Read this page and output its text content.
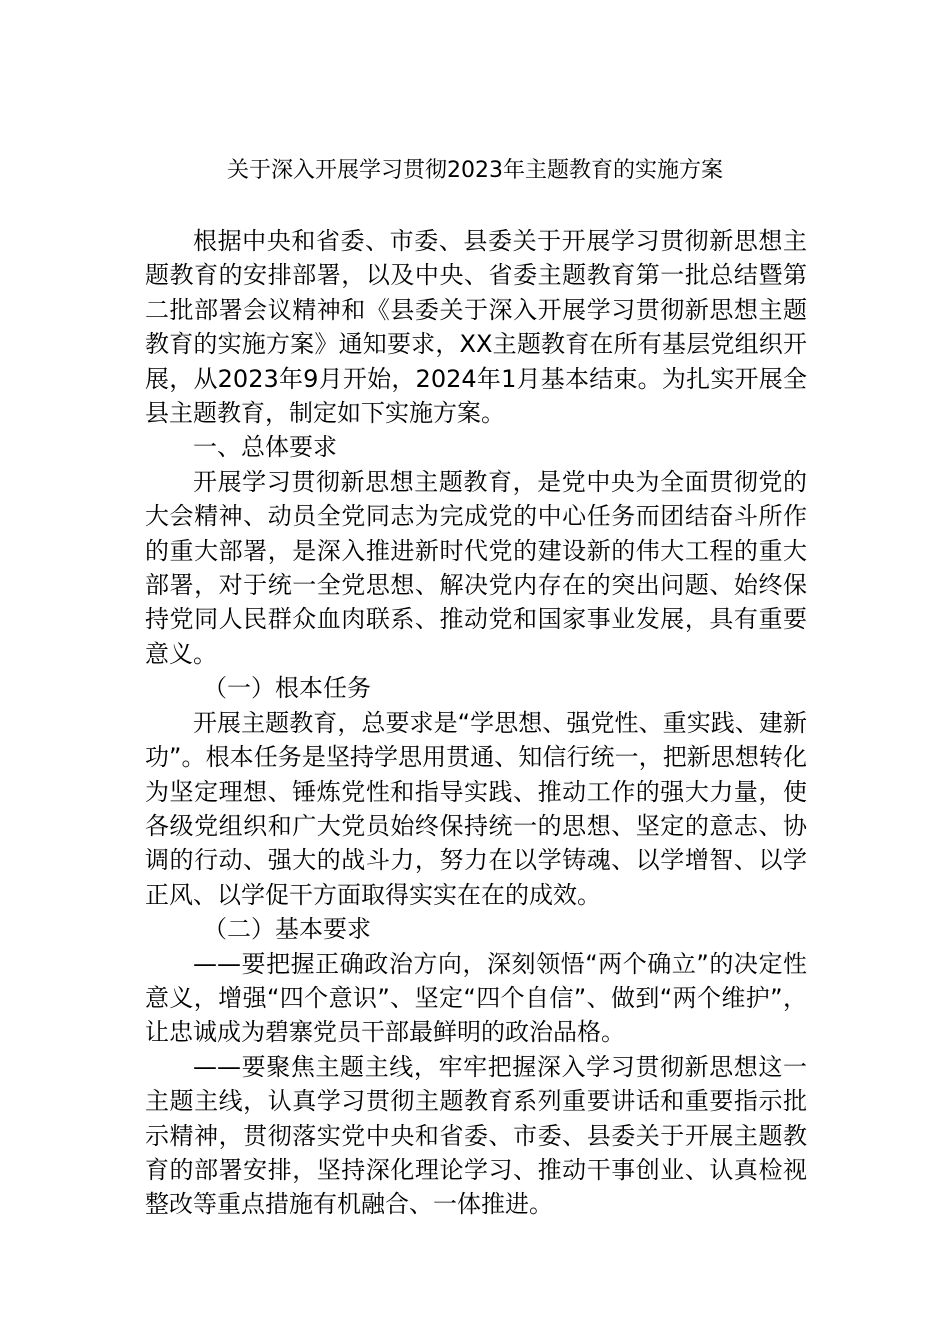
关于深入开展学习贯彻2023年主题教育的实施方案

根据中央和省委、市委、县委关于开展学习贯彻新思想主题教育的安排部署，以及中央、省委主题教育第一批总结暨第二批部署会议精神和《县委关于深入开展学习贯彻新思想主题教育的实施方案》通知要求，XX主题教育在所有基层党组织开展，从2023年9月开始，2024年1月基本结束。为扎实开展全县主题教育，制定如下实施方案。

一、总体要求

开展学习贯彻新思想主题教育，是党中央为全面贯彻党的大会精神、动员全党同志为完成党的中心任务而团结奋斗所作的重大部署，是深入推进新时代党的建设新的伟大工程的重大部署，对于统一全党思想、解决党内存在的突出问题、始终保持党同人民群众血肉联系、推动党和国家事业发展，具有重要意义。

（一）根本任务

开展主题教育，总要求是“学思想、强党性、重实践、建新功”。根本任务是坚持学思用贯通、知信行统一，把新思想转化为坚定理想、锤炼党性和指导实践、推动工作的强大力量，使各级党组织和广大党员始终保持统一的思想、坚定的意志、协调的行动、强大的战斗力，努力在以学铸魂、以学增智、以学正风、以学促干方面取得实实在在的成效。

（二）基本要求

——要把握正确政治方向，深刻领悟“两个确立”的决定性意义，增强“四个意识”、坚定“四个自信”、做到“两个维护”，让忠诚成为碧寨党员干部最鲜明的政治品格。

——要聚焦主题主线，牢牢把握深入学习贯彻新思想这一主题主线，认真学习贯彻主题教育系列重要讲话和重要指示批示精神，贯彻落实党中央和省委、市委、县委关于开展主题教育的部署安排，坚持深化理论学习、推动干事创业、认真检视整改等重点措施有机融合、一体推进。
